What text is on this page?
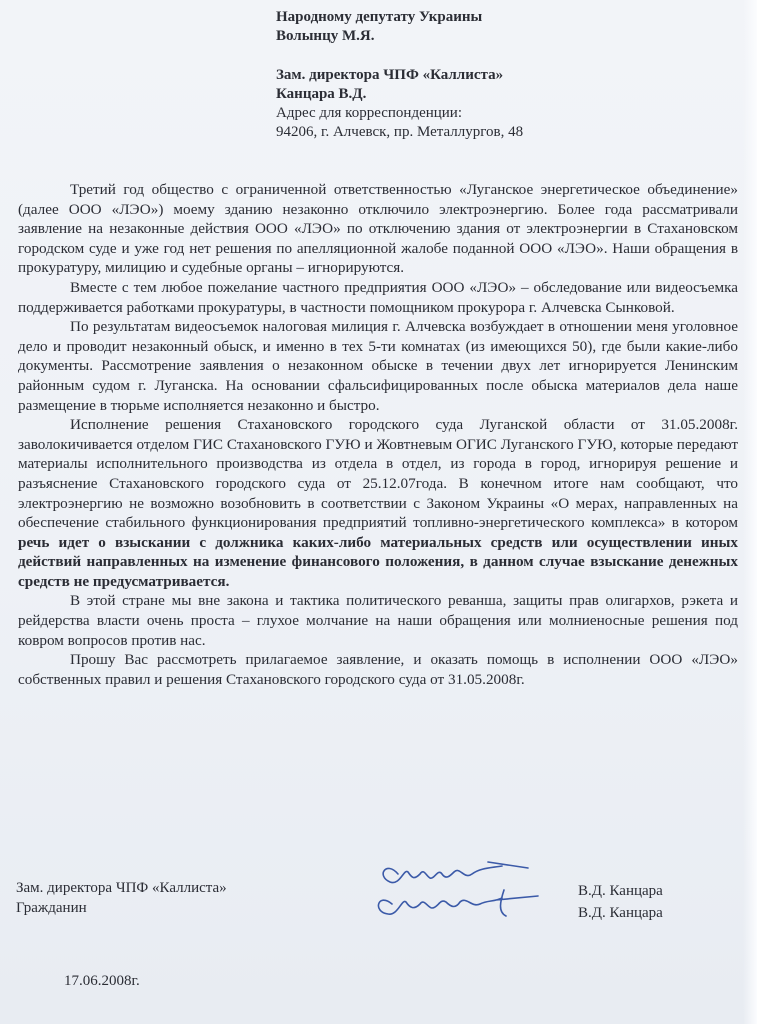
Народному депутату Украины
Волынцу М.Я.
Зам. директора ЧПФ «Каллиста»
Канцара В.Д.
Адрес для корреспонденции:
94206, г. Алчевск, пр. Металлургов, 48

Третий год общество с ограниченной ответственностью «Луганское энергетическое объединение» (далее ООО «ЛЭО») моему зданию незаконно отключило электроэнергию. Более года рассматривали заявление на незаконные действия ООО «ЛЭО» по отключению здания от электроэнергии в Стахановском городском суде и уже год нет решения по апелляционной жалобе поданной ООО «ЛЭО». Наши обращения в прокуратуру, милицию и судебные органы – игнорируются.

Вместе с тем любое пожелание частного предприятия ООО «ЛЭО» – обследование или видеосъемка поддерживается работками прокуратуры, в частности помощником прокурора г. Алчевска Сынковой.

По результатам видеосъемок налоговая милиция г. Алчевска возбуждает в отношении меня уголовное дело и проводит незаконный обыск, и именно в тех 5-ти комнатах (из имеющихся 50), где были какие-либо документы. Рассмотрение заявления о незаконном обыске в течении двух лет игнорируется Ленинским районным судом г. Луганска. На основании сфальсифицированных после обыска материалов дела наше размещение в тюрьме исполняется незаконно и быстро.

Исполнение решения Стахановского городского суда Луганской области от 31.05.2008г. заволокичивается отделом ГИС Стахановского ГУЮ и Жовтневым ОГИС Луганского ГУЮ, которые передают материалы исполнительного производства из отдела в отдел, из города в город, игнорируя решение и разъяснение Стахановского городского суда от 25.12.07года. В конечном итоге нам сообщают, что электроэнергию не возможно возобновить в соответствии с Законом Украины «О мерах, направленных на обеспечение стабильного функционирования предприятий топливно-энергетического комплекса» в котором речь идет о взыскании с должника каких-либо материальных средств или осуществлении иных действий направленных на изменение финансового положения, в данном случае взыскание денежных средств не предусматривается.

В этой стране мы вне закона и тактика политического реванша, защиты прав олигархов, рэкета и рейдерства власти очень проста – глухое молчание на наши обращения или молниеносные решения под ковром вопросов против нас.

Прошу Вас рассмотреть прилагаемое заявление, и оказать помощь в исполнении ООО «ЛЭО» собственных правил и решения Стахановского городского суда от 31.05.2008г.

Зам. директора ЧПФ «Каллиста»
Гражданин
В.Д. Канцара
В.Д. Канцара
17.06.2008г.
